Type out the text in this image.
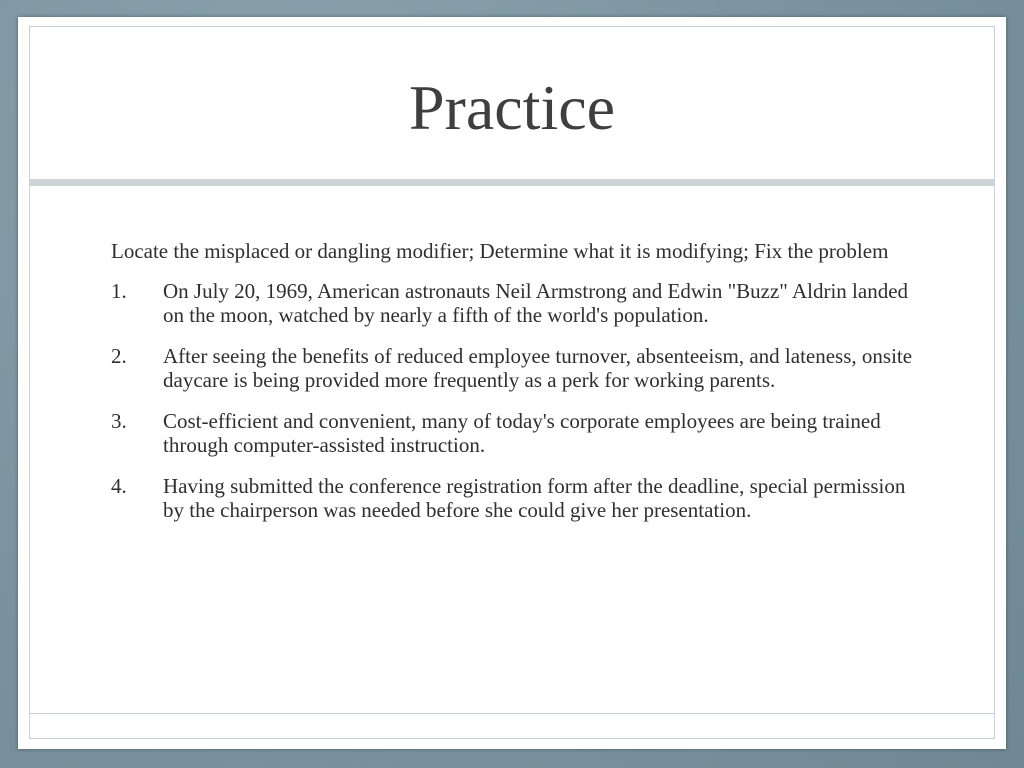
Practice

Locate the misplaced or dangling modifier; Determine what it is modifying; Fix the problem

1.	On July 20, 1969, American astronauts Neil Armstrong and Edwin "Buzz" Aldrin landed on the moon, watched by nearly a fifth of the world's population.
2.	After seeing the benefits of reduced employee turnover, absenteeism, and lateness, onsite daycare is being provided more frequently as a perk for working parents.
3.	Cost-efficient and convenient, many of today's corporate employees are being trained through computer-assisted instruction.
4.	Having submitted the conference registration form after the deadline, special permission by the chairperson was needed before she could give her presentation.
